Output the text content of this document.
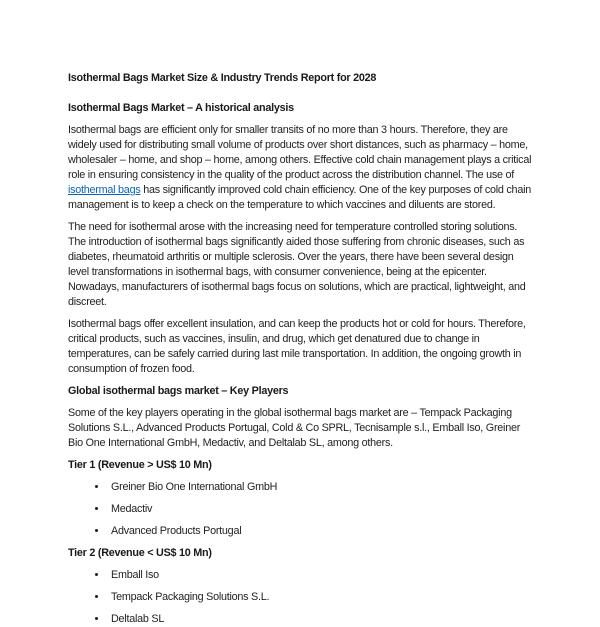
Isothermal Bags Market Size & Industry Trends Report for 2028
Isothermal Bags Market – A historical analysis

Isothermal bags are efficient only for smaller transits of no more than 3 hours. Therefore, they are widely used for distributing small volume of products over short distances, such as pharmacy – home, wholesaler – home, and shop – home, among others. Effective cold chain management plays a critical role in ensuring consistency in the quality of the product across the distribution channel. The use of isothermal bags has significantly improved cold chain efficiency. One of the key purposes of cold chain management is to keep a check on the temperature to which vaccines and diluents are stored.

The need for isothermal arose with the increasing need for temperature controlled storing solutions. The introduction of isothermal bags significantly aided those suffering from chronic diseases, such as diabetes, rheumatoid arthritis or multiple sclerosis. Over the years, there have been several design level transformations in isothermal bags, with consumer convenience, being at the epicenter. Nowadays, manufacturers of isothermal bags focus on solutions, which are practical, lightweight, and discreet.

Isothermal bags offer excellent insulation, and can keep the products hot or cold for hours. Therefore, critical products, such as vaccines, insulin, and drug, which get denatured due to change in temperatures, can be safely carried during last mile transportation. In addition, the ongoing growth in consumption of frozen food.

Global isothermal bags market – Key Players

Some of the key players operating in the global isothermal bags market are – Tempack Packaging Solutions S.L., Advanced Products Portugal, Cold & Co SPRL, Tecnisample s.l., Emball Iso, Greiner Bio One International GmbH, Medactiv, and Deltalab SL, among others.

Tier 1 (Revenue > US$ 10 Mn)
• Greiner Bio One International GmbH
• Medactiv
• Advanced Products Portugal
Tier 2 (Revenue < US$ 10 Mn)
• Emball Iso
• Tempack Packaging Solutions S.L.
• Deltalab SL
